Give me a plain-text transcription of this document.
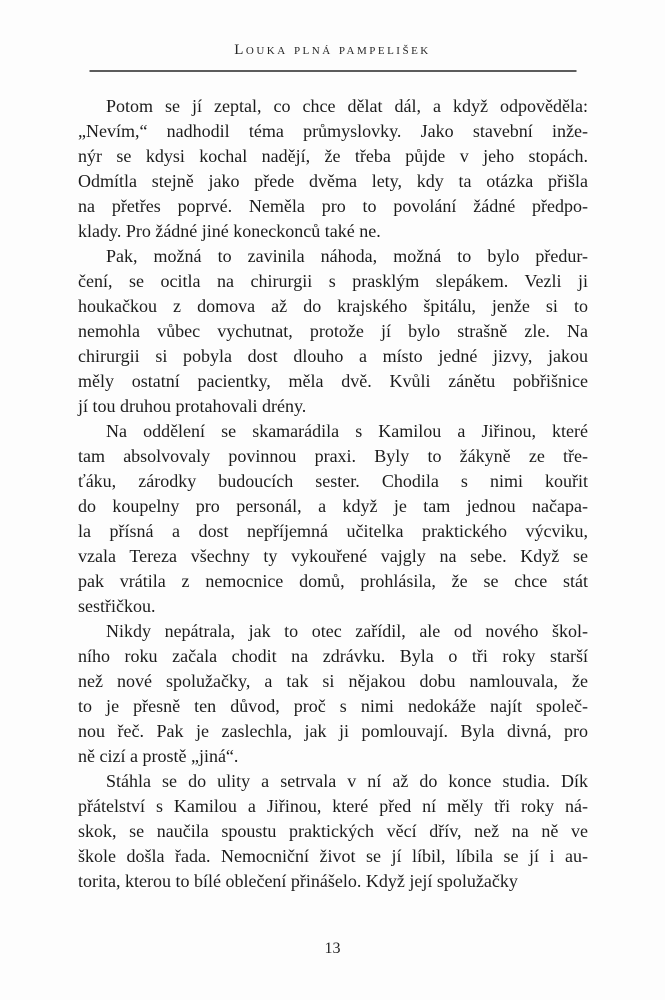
Louka plná pampelišek
Potom se jí zeptal, co chce dělat dál, a když odpověděla:
„Nevím,“ nadhodil téma průmyslovky. Jako stavební inže-
nýr se kdysi kochal nadějí, že třeba půjde v jeho stopách.
Odmítla stejně jako přede dvěma lety, kdy ta otázka přišla
na přetřes poprvé. Neměla pro to povolání žádné předpo-
klady. Pro žádné jiné koneckonců také ne.
Pak, možná to zavinila náhoda, možná to bylo předur-
čení, se ocitla na chirurgii s prasklým slepákem. Vezli ji
houkačkou z domova až do krajského špitálu, jenže si to
nemohla vůbec vychutnat, protože jí bylo strašně zle. Na
chirurgii si pobyla dost dlouho a místo jedné jizvy, jakou
měly ostatní pacientky, měla dvě. Kvůli zánětu pobřišnice
jí tou druhou protahovali drény.
Na oddělení se skamarádila s Kamilou a Jiřinou, které
tam absolvovaly povinnou praxi. Byly to žákyně ze tře-
ťáku, zárodky budoucích sester. Chodila s nimi kouřit
do koupelny pro personál, a když je tam jednou načapa-
la přísná a dost nepříjemná učitelka praktického výcviku,
vzala Tereza všechny ty vykouřené vajgly na sebe. Když se
pak vrátila z nemocnice domů, prohlásila, že se chce stát
sestřičkou.
Nikdy nepátrala, jak to otec zařídil, ale od nového škol-
ního roku začala chodit na zdrávku. Byla o tři roky starší
než nové spolužačky, a tak si nějakou dobu namlouvala, že
to je přesně ten důvod, proč s nimi nedokáže najít společ-
nou řeč. Pak je zaslechla, jak ji pomlouvají. Byla divná, pro
ně cizí a prostě „jiná“.
Stáhla se do ulity a setrvala v ní až do konce studia. Dík
přátelství s Kamilou a Jiřinou, které před ní měly tři roky ná-
skok, se naučila spoustu praktických věcí dřív, než na ně ve
škole došla řada. Nemocniční život se jí líbil, líbila se jí i au-
torita, kterou to bílé oblečení přinášelo. Když její spolužačky
13
